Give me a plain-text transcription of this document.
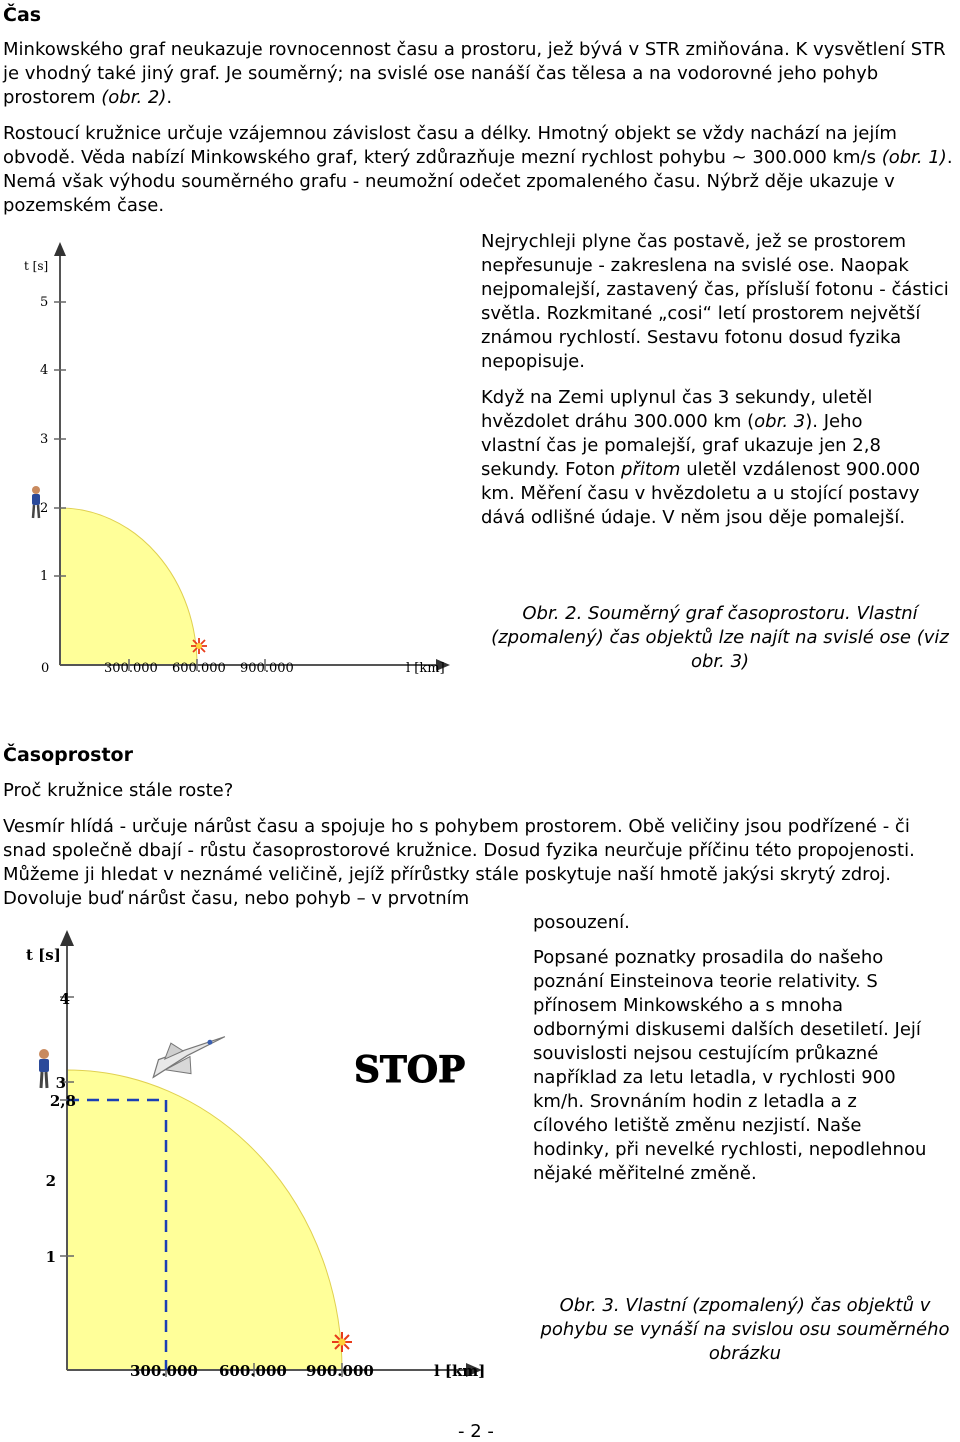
Čas
Minkowského graf neukazuje rovnocennost času a prostoru, jež bývá v STR zmiňována. K vysvětlení STR je vhodný také jiný graf. Je souměrný; na svislé ose nanáší čas tělesa a na vodorovné jeho pohyb prostorem (obr. 2).
Rostoucí kružnice určuje vzájemnou závislost času a délky. Hmotný objekt se vždy nachází na jejím obvodě. Věda nabízí Minkowského graf, který zdůrazňuje mezní rychlost pohybu ~ 300.000 km/s (obr. 1). Nemá však výhodu souměrného grafu - neumožní odečet zpomaleného času. Nýbrž děje ukazuje v pozemském čase.
Nejrychleji plyne čas postavě, jež se prostorem nepřesunuje - zakreslena na svislé ose. Naopak nejpomalejší, zastavený čas, přísluší fotonu - částici světla. Rozkmitané „cosi“ letí prostorem největší známou rychlostí. Sestavu fotonu dosud fyzika nepopisuje.
Když na Zemi uplynul čas 3 sekundy, uletěl hvězdolet dráhu 300.000 km (obr. 3). Jeho vlastní čas je pomalejší, graf ukazuje jen 2,8 sekundy. Foton přitom uletěl vzdálenost 900.000 km. Měření času v hvězdoletu a u stojící postavy dává odlišné údaje. V něm jsou děje pomalejší.
Obr. 2. Souměrný graf časoprostoru. Vlastní (zpomalený) čas objektů lze najít na svislé ose (viz obr. 3)
t [s]
1
2
3
4
5
0	300.000 600.000 900.000	l [km]
Časoprostor
Proč kružnice stále roste?
Vesmír hlídá - určuje nárůst času a spojuje ho s pohybem prostorem. Obě veličiny jsou podřízené - či snad společně dbají - růstu časoprostorové kružnice. Dosud fyzika neurčuje příčinu této propojenosti. Můžeme ji hledat v neznámé veličině, jejíž přírůstky stále poskytuje naší hmotě jakýsi skrytý zdroj. Dovoluje buď nárůst času, nebo pohyb – v prvotním
posouzení.
Popsané poznatky prosadila do našeho poznání Einsteinova teorie relativity. S přínosem Minkowského a s mnoha odbornými diskusemi dalších desetiletí. Její souvislosti nejsou cestujícím průkazné například za letu letadla, v rychlosti 900 km/h. Srovnáním hodin z letadla a z cílového letiště změnu nezjistí. Naše hodinky, při nevelké rychlosti, nepodlehnou nějaké měřitelné změně.
Obr. 3. Vlastní (zpomalený) čas objektů v pohybu se vynáší na svislou osu souměrného obrázku
t [s]
1
2
2,8
3
4
300.000 600.000 900.000	l [km]
STOP
- 2 -
